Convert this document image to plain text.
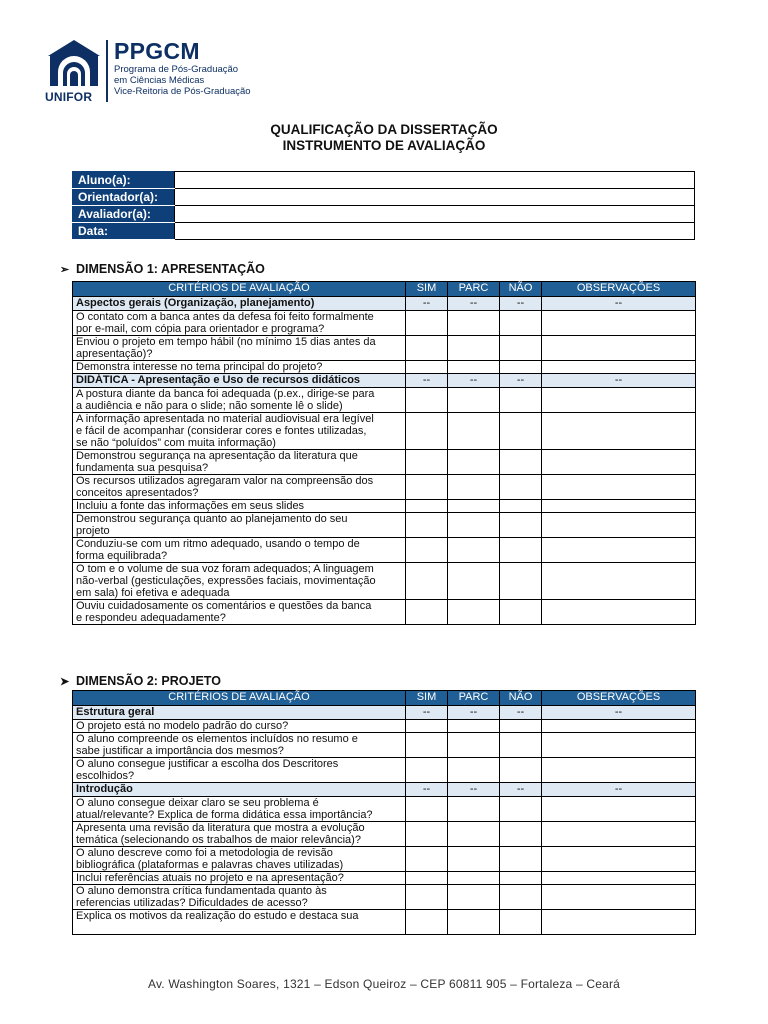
UNIFOR
PPGCM
Programa de Pós-Graduação
em Ciências Médicas
Vice-Reitoria de Pós-Graduação
QUALIFICAÇÃO DA DISSERTAÇÃO
INSTRUMENTO DE AVALIAÇÃO
Aluno(a):	
Orientador(a):	
Avaliador(a):	
Data:	
➢ DIMENSÃO 1: APRESENTAÇÃO
CRITÉRIOS DE AVALIAÇÃO	SIM	PARC	NÃO	OBSERVAÇÕES
Aspectos gerais (Organização, planejamento)	--	--	--	--

O contato com a banca antes da defesa foi feito formalmente
por e-mail, com cópia para orientador e programa?				

Enviou o projeto em tempo hábil (no mínimo 15 dias antes da
apresentação)?				

Demonstra interesse no tema principal do projeto?				

DIDÁTICA - Apresentação e Uso de recursos didáticos	--	--	--	--

A postura diante da banca foi adequada (p.ex., dirige-se para
a audiência e não para o slide; não somente lê o slide)				

A informação apresentada no material audiovisual era legível
e fácil de acompanhar (considerar cores e fontes utilizadas,
se não “poluídos” com muita informação)				

Demonstrou segurança na apresentação da literatura que
fundamenta sua pesquisa?				

Os recursos utilizados agregaram valor na compreensão dos
conceitos apresentados?				

Incluiu a fonte das informações em seus slides				

Demonstrou segurança quanto ao planejamento do seu
projeto				

Conduziu-se com um ritmo adequado, usando o tempo de
forma equilibrada?				

O tom e o volume de sua voz foram adequados; A linguagem
não-verbal (gesticulações, expressões faciais, movimentação
em sala) foi efetiva e adequada				

Ouviu cuidadosamente os comentários e questões da banca
e respondeu adequadamente?				

➤ DIMENSÃO 2: PROJETO
CRITÉRIOS DE AVALIAÇÃO	SIM	PARC	NÃO	OBSERVAÇÕES
Estrutura geral	--	--	--	--

O projeto está no modelo padrão do curso?				

O aluno compreende os elementos incluídos no resumo e
sabe justificar a importância dos mesmos?				

O aluno consegue justificar a escolha dos Descritores
escolhidos?				

Introdução	--	--	--	--

O aluno consegue deixar claro se seu problema é
atual/relevante? Explica de forma didática essa importância?				

Apresenta uma revisão da literatura que mostra a evolução
temática (selecionando os trabalhos de maior relevância)?				

O aluno descreve como foi a metodologia de revisão
bibliográfica (plataformas e palavras chaves utilizadas)				

Inclui referências atuais no projeto e na apresentação?				

O aluno demonstra crítica fundamentada quanto às
referencias utilizadas? Dificuldades de acesso?				

Explica os motivos da realização do estudo e destaca sua				

Av. Washington Soares, 1321 – Edson Queiroz – CEP 60811 905 – Fortaleza – Ceará
